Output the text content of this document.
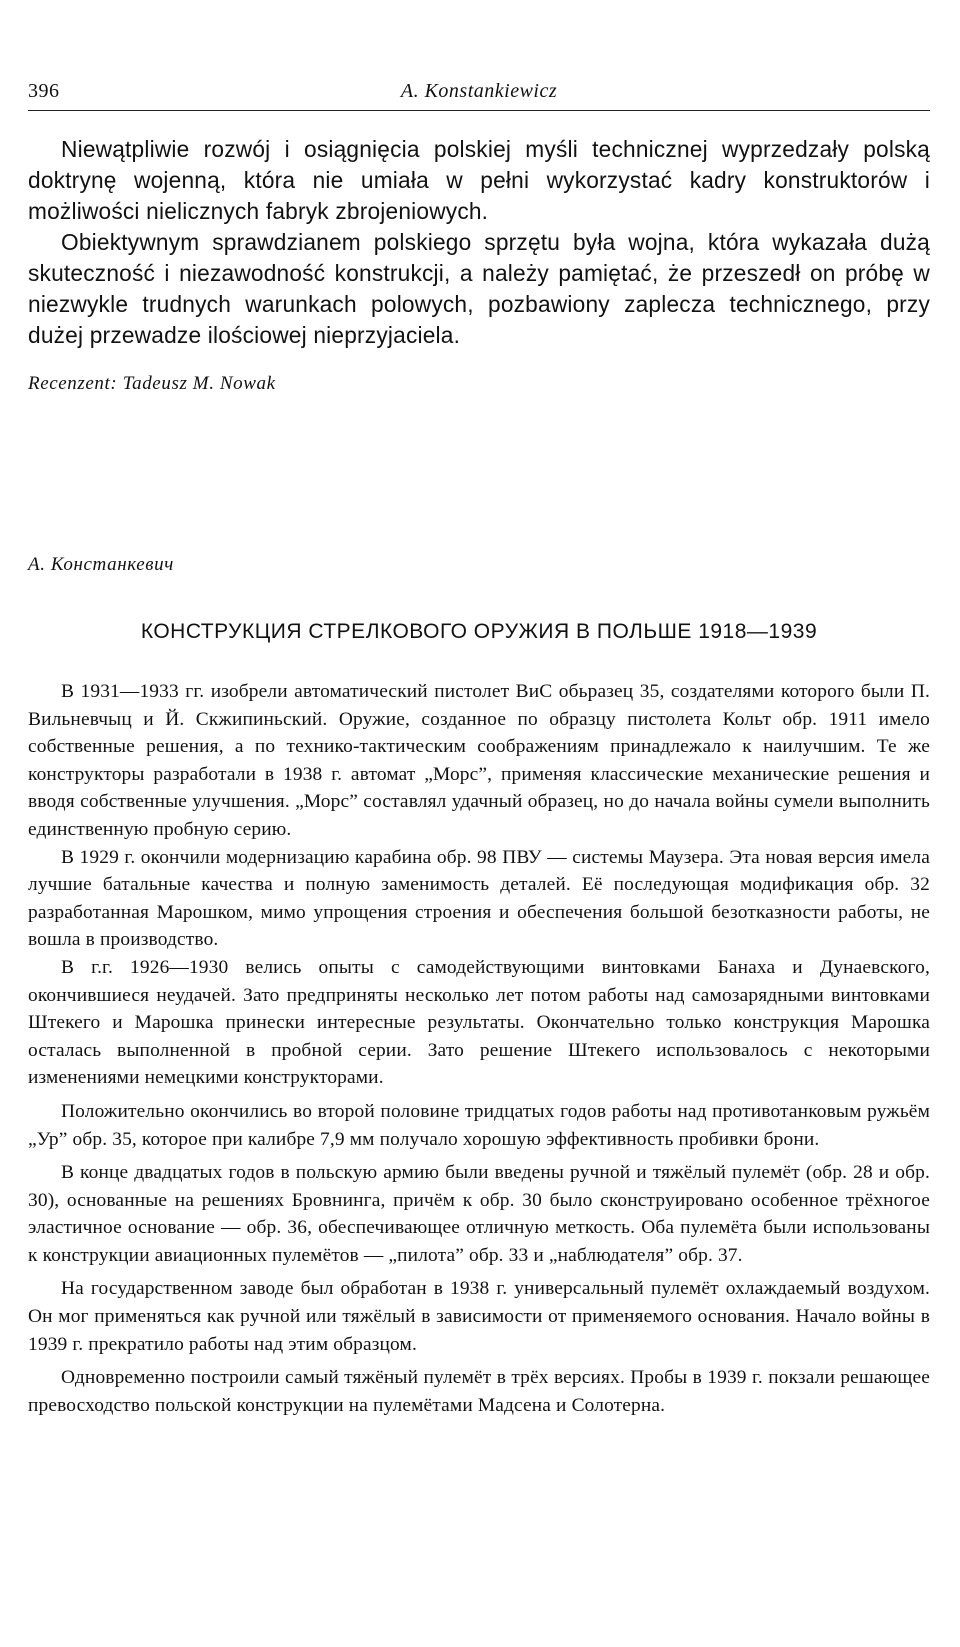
396	A. Konstankiewicz

Niewątpliwie rozwój i osiągnięcia polskiej myśli technicznej wyprzedzały polską doktrynę wojenną, która nie umiała w pełni wykorzystać kadry konstruktorów i możliwości nielicznych fabryk zbrojeniowych.

Obiektywnym sprawdzianem polskiego sprzętu była wojna, która wykazała dużą skuteczność i niezawodność konstrukcji, a należy pamiętać, że przeszedł on próbę w niezwykle trudnych warunkach polowych, pozbawiony zaplecza technicznego, przy dużej przewadze ilościowej nieprzyjaciela.

Recenzent: Tadeusz M. Nowak
А. Констанкевич
КОНСТРУКЦИЯ СТРЕЛКОВОГО ОРУЖИЯ В ПОЛЬШЕ 1918—1939

В 1931—1933 гг. изобрели автоматический пистолет ВиС обьразец 35, создателями которого были П. Вильневчыц и Й. Скжипиньский. Оружие, созданное по образцу пистолета Кольт обр. 1911 имело собственные решения, а по технико-тактическим соображениям принадлежало к наилучшим. Те же конструкторы разработали в 1938 г. автомат „Морс”, применяя классические механические решения и вводя собственные улучшения. „Морс” составлял удачный образец, но до начала войны сумели выполнить единственную пробную серию.

В 1929 г. окончили модернизацию карабина обр. 98 ПВУ — системы Маузера. Эта новая версия имела лучшие батальные качества и полную заменимость деталей. Её последующая модификация обр. 32 разработанная Марошком, мимо упрощения строения и обеспечения большой безотказности работы, не вошла в производство.

В г.г. 1926—1930 велись опыты с самодействующими винтовками Банаха и Дунаевского, окончившиеся неудачей. Зато предприняты несколько лет потом работы над самозарядными винтовками Штекего и Марошка принески интересные результаты. Окончательно только конструкция Марошка осталась выполненной в пробной серии. Зато решение Штекего использовалось с некоторыми изменениями немецкими конструкторами.

Положительно окончились во второй половине тридцатых годов работы над противотанковым ружьём „Ур” обр. 35, которое при калибре 7,9 мм получало хорошую эффективность пробивки брони.

В конце двадцатых годов в польскую армию были введены ручной и тяжёлый пулемёт (обр. 28 и обр. 30), основанные на решениях Бровнинга, причём к обр. 30 было сконструировано особенное трёхногое эластичное основание — обр. 36, обеспечивающее отличную меткость. Оба пулемёта были использованы к конструкции авиационных пулемётов — „пилота” обр. 33 и „наблюдателя” обр. 37.

На государственном заводе был обработан в 1938 г. универсальный пулемёт охлаждаемый воздухом. Он мог применяться как ручной или тяжёлый в зависимости от применяемого основания. Начало войны в 1939 г. прекратило работы над этим образцом.

Одновременно построили самый тяжёный пулемёт в трёх версиях. Пробы в 1939 г. покзали решающее превосходство польской конструкции на пулемётами Мадсена и Солотерна.
